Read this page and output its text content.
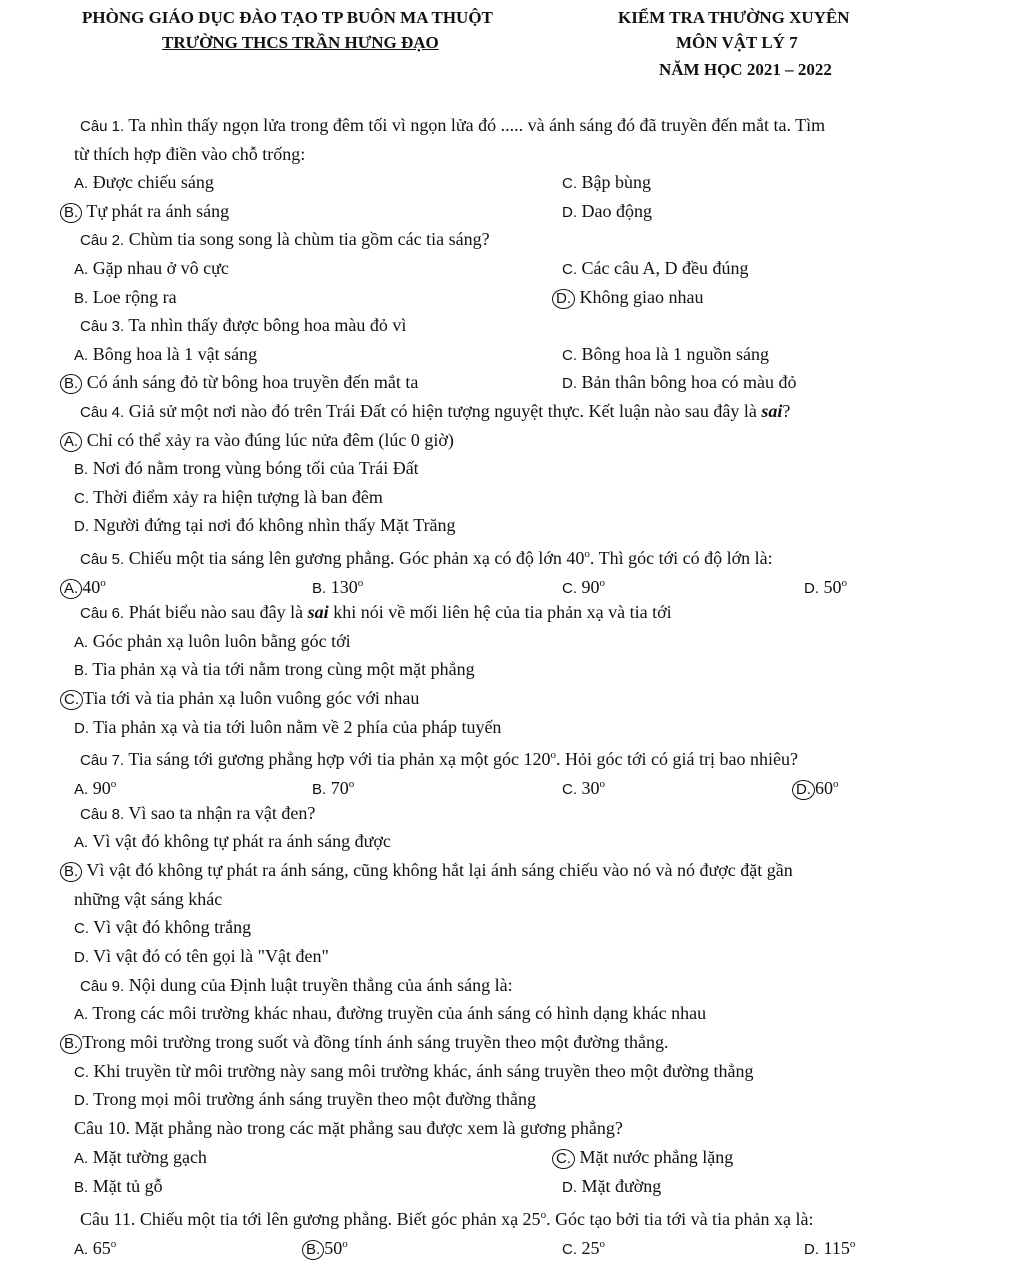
PHÒNG GIÁO DỤC ĐÀO TẠO TP BUÔN MA THUỘT
TRƯỜNG THCS TRẦN HƯNG ĐẠO
KIỂM TRA THƯỜNG XUYÊN
MÔN VẬT LÝ 7
NĂM HỌC 2021 – 2022
Câu 1. Ta nhìn thấy ngọn lửa trong đêm tối vì ngọn lửa đó ..... và ánh sáng đó đã truyền đến mắt ta. Tìm
từ thích hợp điền vào chỗ trống:
A. Được chiếu sáng	C. Bập bùng
B. Tự phát ra ánh sáng	D. Dao động
Câu 2. Chùm tia song song là chùm tia gồm các tia sáng?
A. Gặp nhau ở vô cực	C. Các câu A, D đều đúng
B. Loe rộng ra	D. Không giao nhau
Câu 3. Ta nhìn thấy được bông hoa màu đỏ vì
A. Bông hoa là 1 vật sáng	C. Bông hoa là 1 nguồn sáng
B. Có ánh sáng đỏ từ bông hoa truyền đến mắt ta	D. Bản thân bông hoa có màu đỏ
Câu 4. Giả sử một nơi nào đó trên Trái Đất có hiện tượng nguyệt thực. Kết luận nào sau đây là sai?
A. Chỉ có thể xảy ra vào đúng lúc nửa đêm (lúc 0 giờ)
B. Nơi đó nằm trong vùng bóng tối của Trái Đất
C. Thời điểm xảy ra hiện tượng là ban đêm
D. Người đứng tại nơi đó không nhìn thấy Mặt Trăng
Câu 5. Chiếu một tia sáng lên gương phẳng. Góc phản xạ có độ lớn 40$^o$. Thì góc tới có độ lớn là:
A. 40$^o$	B. 130$^o$	C. 90$^o$	D. 50$^o$
Câu 6. Phát biểu nào sau đây là sai khi nói về mối liên hệ của tia phản xạ và tia tới
A. Góc phản xạ luôn luôn bằng góc tới
B. Tia phản xạ và tia tới nằm trong cùng một mặt phẳng
C. Tia tới và tia phản xạ luôn vuông góc với nhau
D. Tia phản xạ và tia tới luôn nằm về 2 phía của pháp tuyến
Câu 7. Tia sáng tới gương phẳng hợp với tia phản xạ một góc 120$^o$. Hỏi góc tới có giá trị bao nhiêu?
A. 90$^o$	B. 70$^o$	C. 30$^o$	D. 60$^o$
Câu 8. Vì sao ta nhận ra vật đen?
A. Vì vật đó không tự phát ra ánh sáng được
B. Vì vật đó không tự phát ra ánh sáng, cũng không hắt lại ánh sáng chiếu vào nó và nó được đặt gần
những vật sáng khác
C. Vì vật đó không trắng
D. Vì vật đó có tên gọi là "Vật đen"
Câu 9. Nội dung của Định luật truyền thẳng của ánh sáng là:
A. Trong các môi trường khác nhau, đường truyền của ánh sáng có hình dạng khác nhau
B. Trong môi trường trong suốt và đồng tính ánh sáng truyền theo một đường thẳng.
C. Khi truyền từ môi trường này sang môi trường khác, ánh sáng truyền theo một đường thẳng
D. Trong mọi môi trường ánh sáng truyền theo một đường thẳng
Câu 10. Mặt phẳng nào trong các mặt phẳng sau được xem là gương phẳng?
A. Mặt tường gạch	C. Mặt nước phẳng lặng
B. Mặt tủ gỗ	D. Mặt đường
Câu 11. Chiếu một tia tới lên gương phẳng. Biết góc phản xạ 25$^o$. Góc tạo bởi tia tới và tia phản xạ là:
A. 65$^o$	B. 50$^o$	C. 25$^o$	D. 115$^o$
